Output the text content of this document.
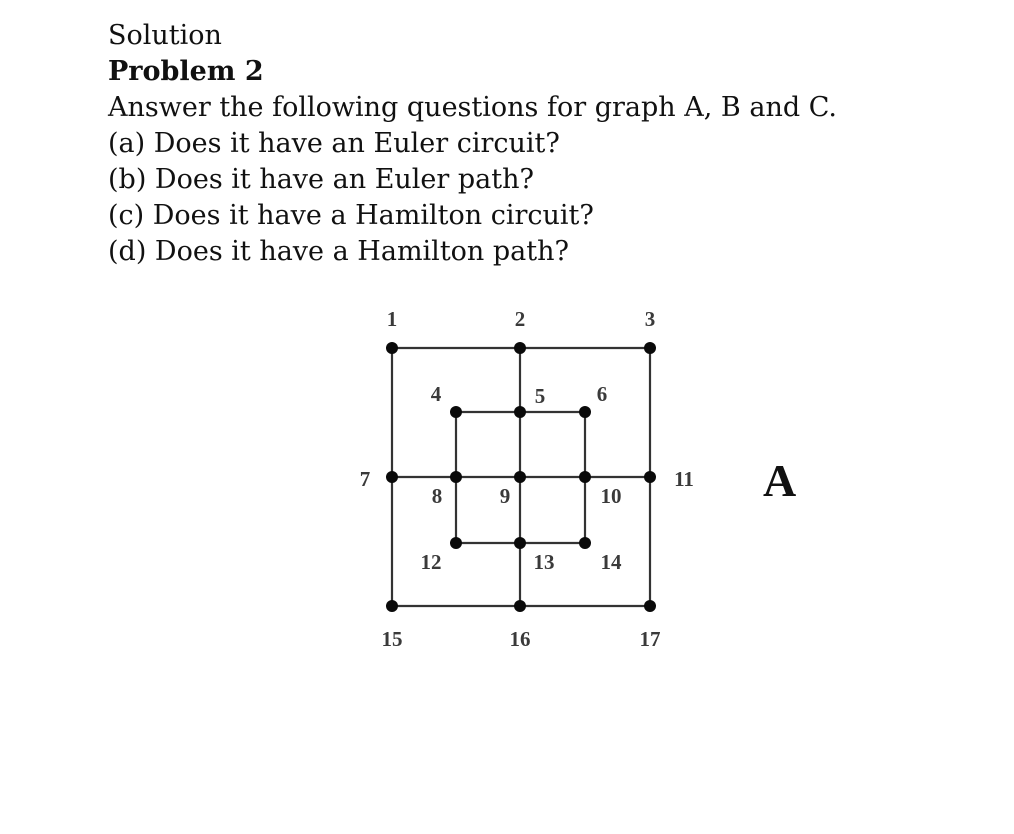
Solution

Problem 2

Answer the following questions for graph A, B and C.

(a) Does it have an Euler circuit?

(b) Does it have an Euler path?

(c) Does it have a Hamilton circuit?

(d) Does it have a Hamilton path?

1	2	3
4	5 6
7
8	9	10
11
12	13 14
15	16	17
A
